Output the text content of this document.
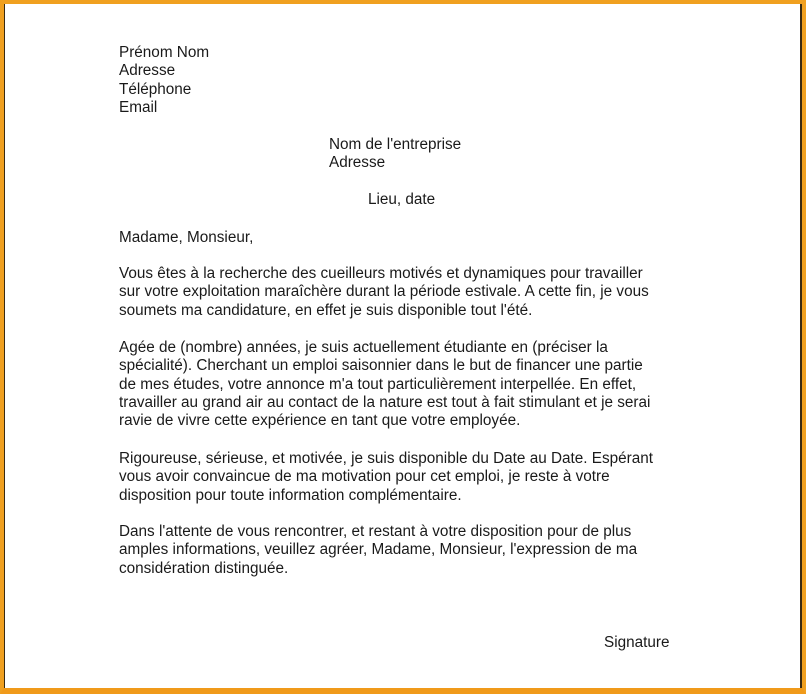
Prénom Nom
Adresse
Téléphone
Email
Nom de l'entreprise
Adresse
Lieu, date
Madame, Monsieur,
Vous êtes à la recherche des cueilleurs motivés et dynamiques pour travailler
sur votre exploitation maraîchère durant la période estivale. A cette fin, je vous
soumets ma candidature, en effet je suis disponible tout l'été.
Agée de (nombre) années, je suis actuellement étudiante en (préciser la
spécialité). Cherchant un emploi saisonnier dans le but de financer une partie
de mes études, votre annonce m'a tout particulièrement interpellée. En effet,
travailler au grand air au contact de la nature est tout à fait stimulant et je serai
ravie de vivre cette expérience en tant que votre employée.
Rigoureuse, sérieuse, et motivée, je suis disponible du Date au Date. Espérant
vous avoir convaincue de ma motivation pour cet emploi, je reste à votre
disposition pour toute information complémentaire.
Dans l'attente de vous rencontrer, et restant à votre disposition pour de plus
amples informations, veuillez agréer, Madame, Monsieur, l'expression de ma
considération distinguée.
Signature
